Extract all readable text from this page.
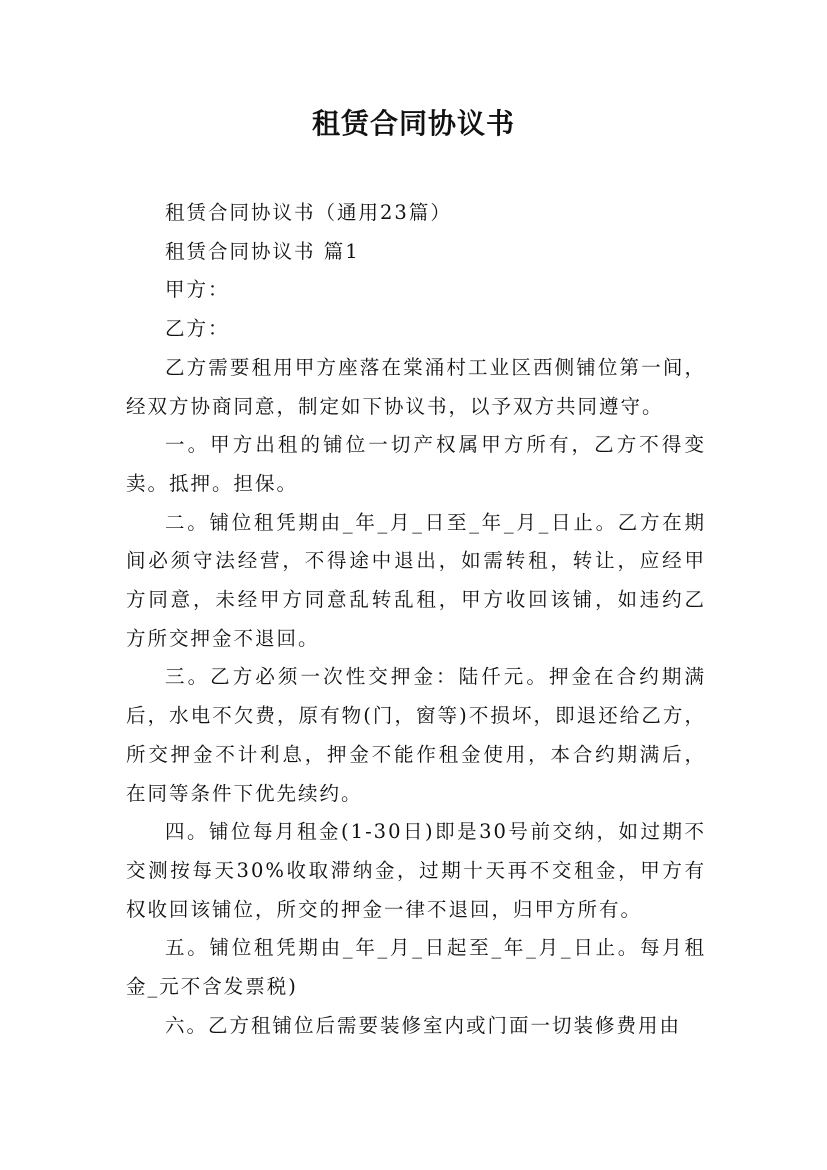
租赁合同协议书

租赁合同协议书（通用23篇）

租赁合同协议书 篇1

甲方：

乙方：

乙方需要租用甲方座落在棠涌村工业区西侧铺位第一间，经双方协商同意，制定如下协议书，以予双方共同遵守。

一。甲方出租的铺位一切产权属甲方所有，乙方不得变卖。抵押。担保。

二。铺位租凭期由_年_月_日至_年_月_日止。乙方在期间必须守法经营，不得途中退出，如需转租，转让，应经甲方同意，未经甲方同意乱转乱租，甲方收回该铺，如违约乙方所交押金不退回。

三。乙方必须一次性交押金：陆仟元。押金在合约期满后，水电不欠费，原有物(门，窗等)不损坏，即退还给乙方，所交押金不计利息，押金不能作租金使用，本合约期满后，在同等条件下优先续约。

四。铺位每月租金(1-30日)即是30号前交纳，如过期不交测按每天30%收取滞纳金，过期十天再不交租金，甲方有权收回该铺位，所交的押金一律不退回，归甲方所有。

五。铺位租凭期由_年_月_日起至_年_月_日止。每月租金_元不含发票税)

六。乙方租铺位后需要装修室内或门面一切装修费用由
